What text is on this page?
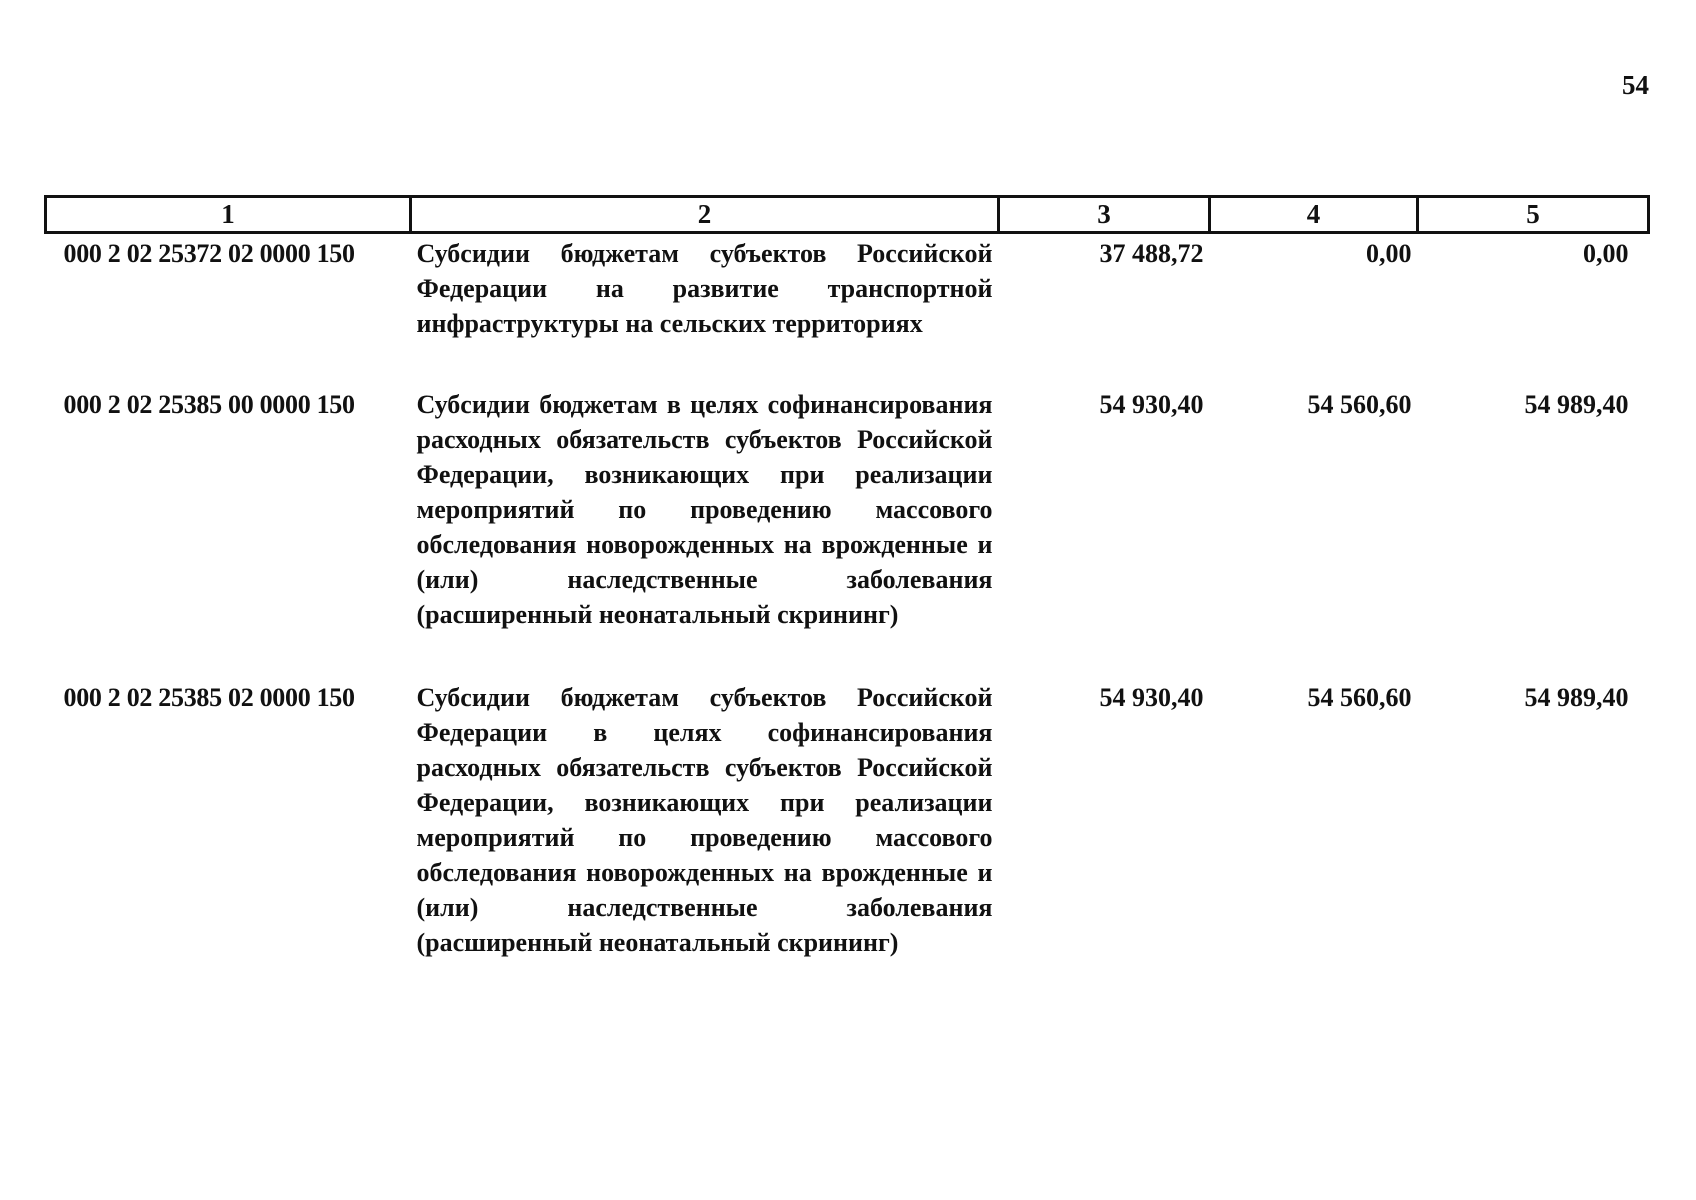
54
1	2	3	4	5
000 2 02 25372 02 0000 150	Субсидии бюджетам субъектов Российской Федерации на развитие транспортной инфраструктуры на сельских территориях	37 488,72	0,00	0,00
000 2 02 25385 00 0000 150	Субсидии бюджетам в целях софинансирования расходных обязательств субъектов Российской Федерации, возникающих при реализации мероприятий по проведению массового обследования новорожденных на врожденные и (или) наследственные заболевания (расширенный неонатальный скрининг)	54 930,40	54 560,60	54 989,40
000 2 02 25385 02 0000 150	Субсидии бюджетам субъектов Российской Федерации в целях софинансирования расходных обязательств субъектов Российской Федерации, возникающих при реализации мероприятий по проведению массового обследования новорожденных на врожденные и (или) наследственные заболевания (расширенный неонатальный скрининг)	54 930,40	54 560,60	54 989,40
